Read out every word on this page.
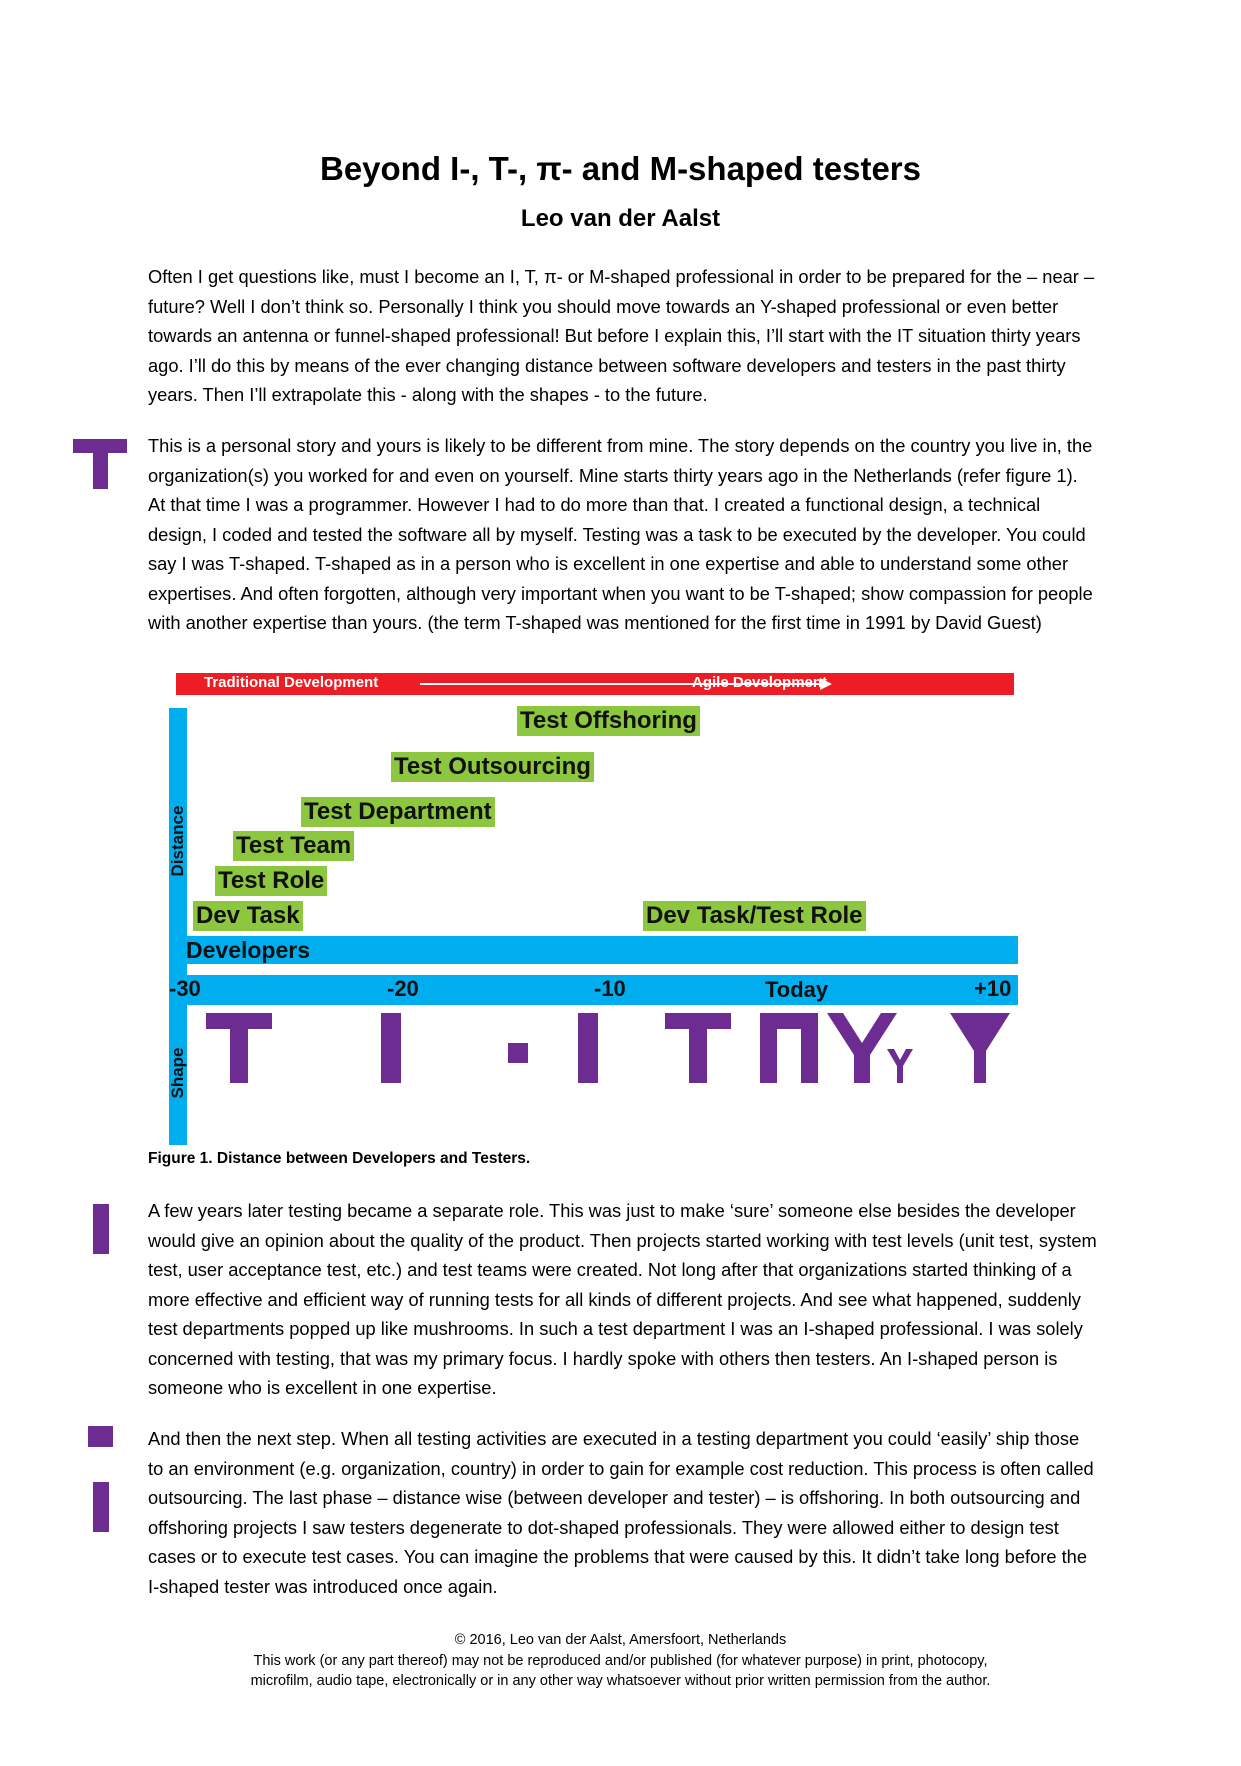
Beyond I-, T-, π- and M-shaped testers
Leo van der Aalst
Often I get questions like, must I become an I, T, π- or M-shaped professional in order to be prepared for the – near – future? Well I don’t think so. Personally I think you should move towards an Y-shaped professional or even better towards an antenna or funnel-shaped professional! But before I explain this, I’ll start with the IT situation thirty years ago. I’ll do this by means of the ever changing distance between software developers and testers in the past thirty years. Then I’ll extrapolate this - along with the shapes - to the future.
This is a personal story and yours is likely to be different from mine. The story depends on the country you live in, the organization(s) you worked for and even on yourself. Mine starts thirty years ago in the Netherlands (refer figure 1). At that time I was a programmer. However I had to do more than that. I created a functional design, a technical design, I coded and tested the software all by myself. Testing was a task to be executed by the developer. You could say I was T-shaped. T-shaped as in a person who is excellent in one expertise and able to understand some other expertises. And often forgotten, although very important when you want to be T-shaped; show compassion for people with another expertise than yours. (the term T-shaped was mentioned for the first time in 1991 by David Guest)
Traditional Development	Agile Development
Distance
Shape
Test Offshoring
Test Outsourcing
Test Department
Test Team
Test Role
Dev Task	Dev Task/Test Role
Developers
-30	-20	-10	Today	+10
Figure 1. Distance between Developers and Testers.
A few years later testing became a separate role. This was just to make ‘sure’ someone else besides the developer would give an opinion about the quality of the product. Then projects started working with test levels (unit test, system test, user acceptance test, etc.) and test teams were created. Not long after that organizations started thinking of a more effective and efficient way of running tests for all kinds of different projects. And see what happened, suddenly test departments popped up like mushrooms. In such a test department I was an I-shaped professional. I was solely concerned with testing, that was my primary focus. I hardly spoke with others then testers. An I-shaped person is someone who is excellent in one expertise.
And then the next step. When all testing activities are executed in a testing department you could ‘easily’ ship those to an environment (e.g. organization, country) in order to gain for example cost reduction. This process is often called outsourcing. The last phase – distance wise (between developer and tester) – is offshoring. In both outsourcing and offshoring projects I saw testers degenerate to dot-shaped professionals. They were allowed either to design test cases or to execute test cases. You can imagine the problems that were caused by this. It didn’t take long before the I-shaped tester was introduced once again.
© 2016, Leo van der Aalst, Amersfoort, Netherlands
This work (or any part thereof) may not be reproduced and/or published (for whatever purpose) in print, photocopy,
microfilm, audio tape, electronically or in any other way whatsoever without prior written permission from the author.
